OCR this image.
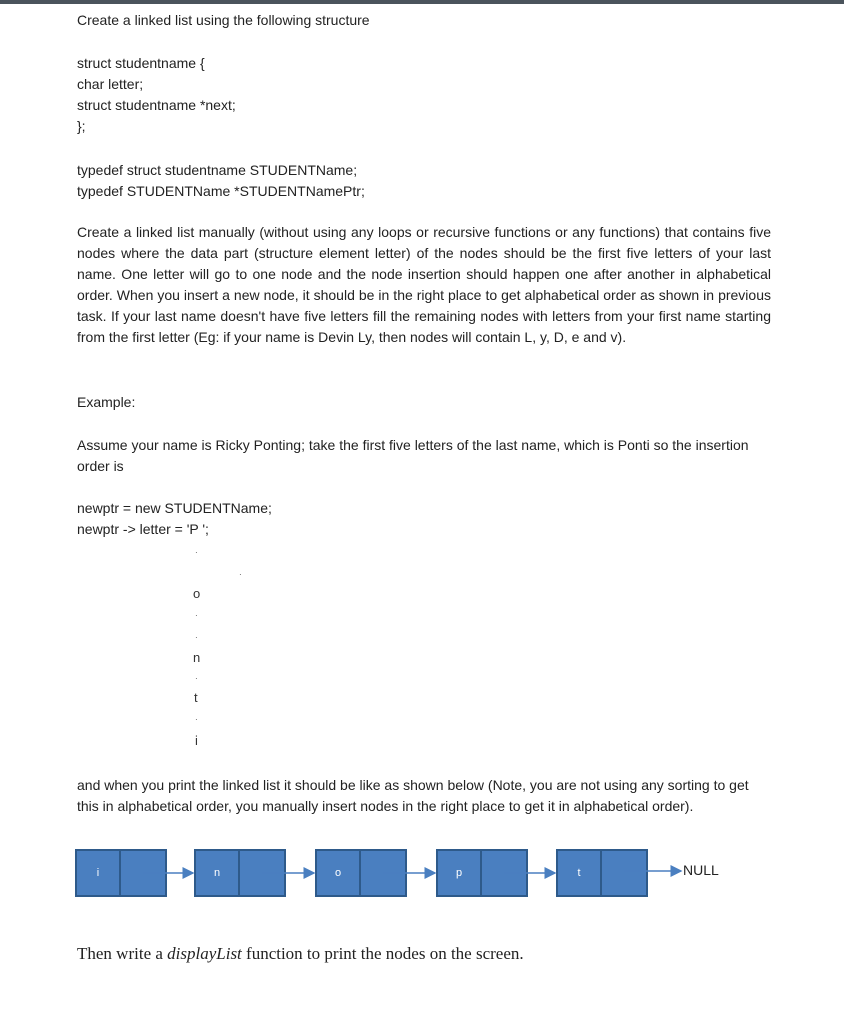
Create a linked list using the following structure
struct studentname {
char letter;
struct studentname *next;
};
typedef struct studentname STUDENTName;
typedef STUDENTName *STUDENTNamePtr;
Create a linked list manually (without using any loops or recursive functions or any functions) that contains five nodes where the data part (structure element letter) of the nodes should be the first five letters of your last name. One letter will go to one node and the node insertion should happen one after another in alphabetical order. When you insert a new node, it should be in the right place to get alphabetical order as shown in previous task. If your last name doesn't have five letters fill the remaining nodes with letters from your first name starting from the first letter (Eg: if your name is Devin Ly, then nodes will contain L, y, D, e and v).
Example:
Assume your name is Ricky Ponting; take the first five letters of the last name, which is Ponti so the insertion order is
newptr = new STUDENTName;
newptr -> letter = 'P ';
·
·
o
·
·
n
·
t
·
i
and when you print the linked list it should be like as shown below (Note, you are not using any sorting to get this in alphabetical order, you manually insert nodes in the right place to get it in alphabetical order).
i	n	o	p	t	NULL
Then write a displayList function to print the nodes on the screen.
